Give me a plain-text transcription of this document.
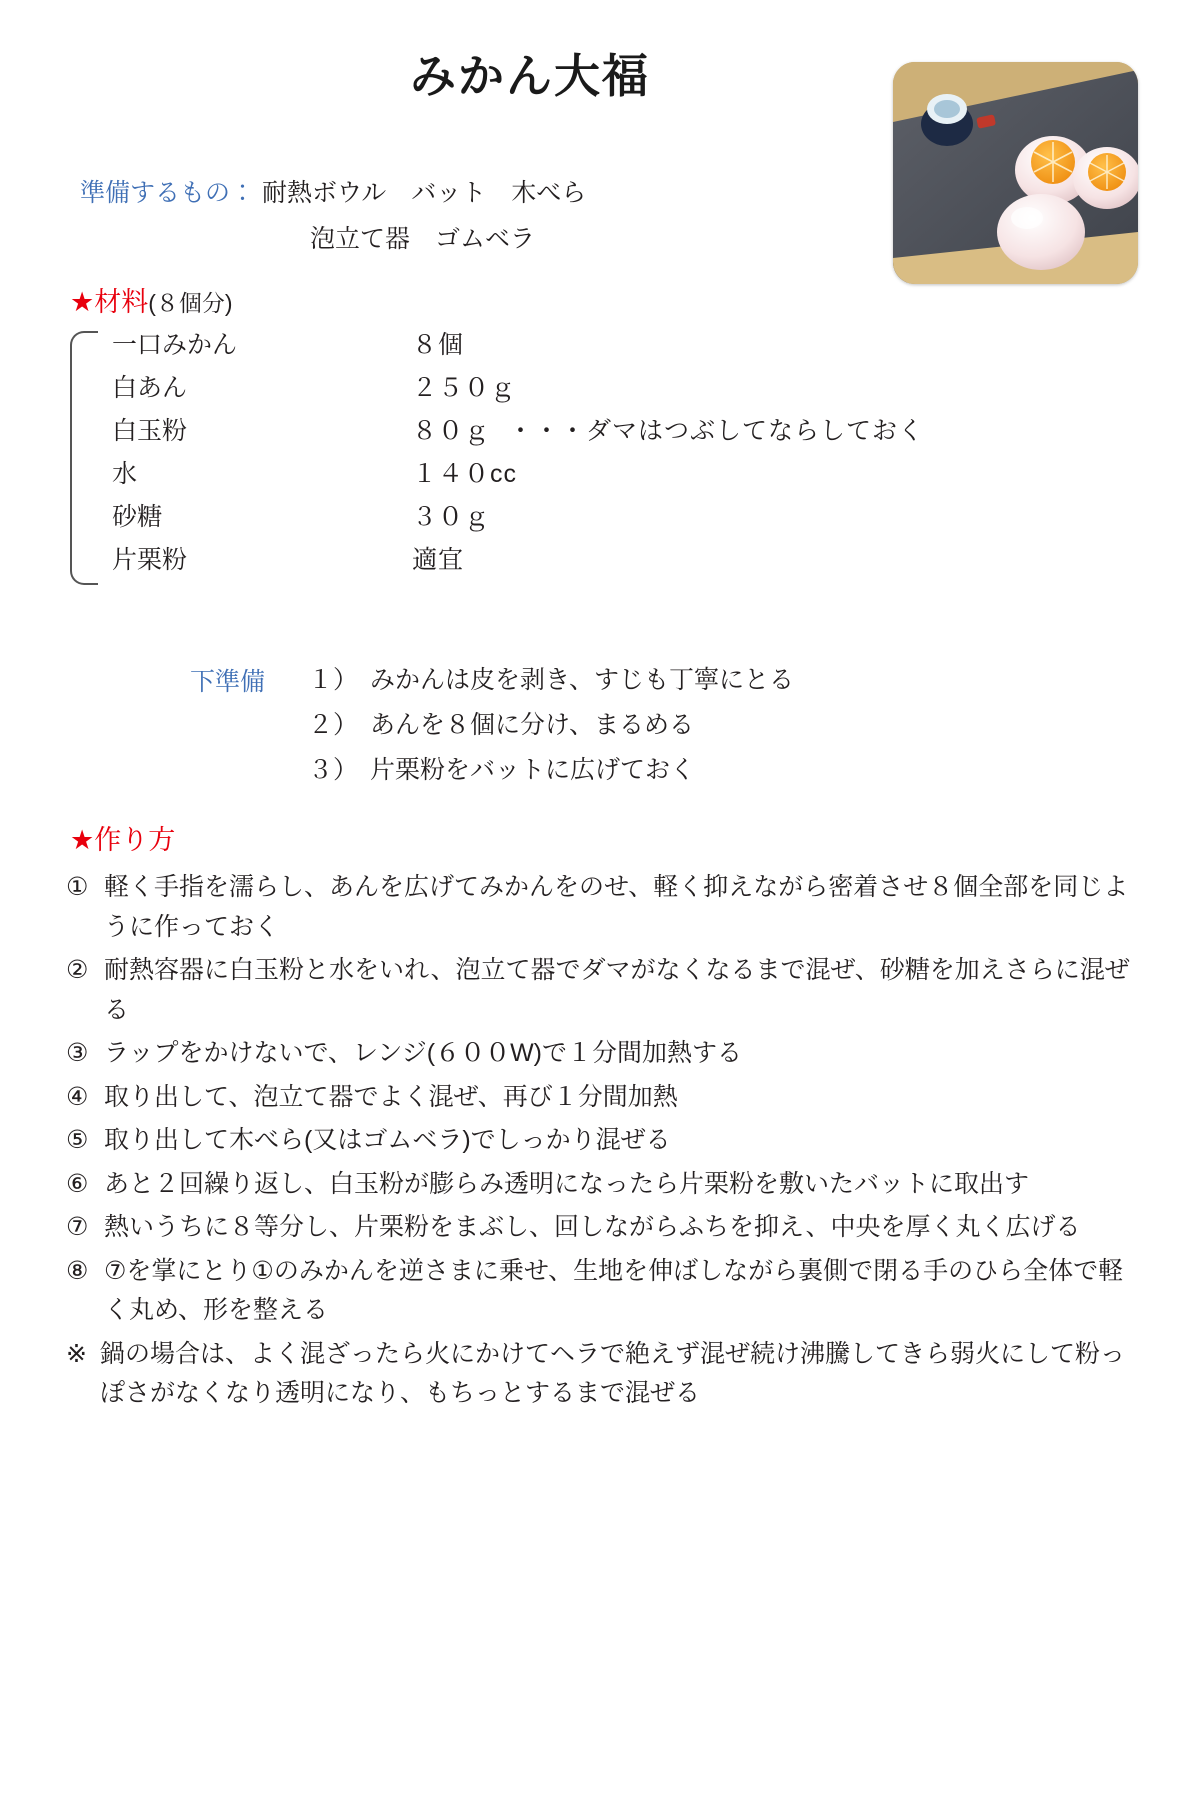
みかん大福
準備するもの： 耐熱ボウル　バット　木べら
泡立て器　ゴムベラ
★材料(８個分)
一口みかん	８個
白あん	２５０ｇ
白玉粉	８０ｇ ・・・ダマはつぶしてならしておく
水	１４０cc
砂糖	３０ｇ
片栗粉	適宜
下準備 １） みかんは皮を剥き、すじも丁寧にとる
２） あんを８個に分け、まるめる
３） 片栗粉をバットに広げておく
★作り方
① 軽く手指を濡らし、あんを広げてみかんをのせ、軽く抑えながら密着させ８個全部を同じように作っておく
② 耐熱容器に白玉粉と水をいれ、泡立て器でダマがなくなるまで混ぜ、砂糖を加えさらに混ぜる
③ ラップをかけないで、レンジ(６００W)で１分間加熱する
④ 取り出して、泡立て器でよく混ぜ、再び１分間加熱
⑤ 取り出して木べら(又はゴムベラ)でしっかり混ぜる
⑥ あと２回繰り返し、白玉粉が膨らみ透明になったら片栗粉を敷いたバットに取出す
⑦ 熱いうちに８等分し、片栗粉をまぶし、回しながらふちを抑え、中央を厚く丸く広げる
⑧ ⑦を掌にとり①のみかんを逆さまに乗せ、生地を伸ばしながら裏側で閉る手のひら全体で軽く丸め、形を整える
※ 鍋の場合は、よく混ざったら火にかけてヘラで絶えず混ぜ続け沸騰してきら弱火にして粉っぽさがなくなり透明になり、もちっとするまで混ぜる
